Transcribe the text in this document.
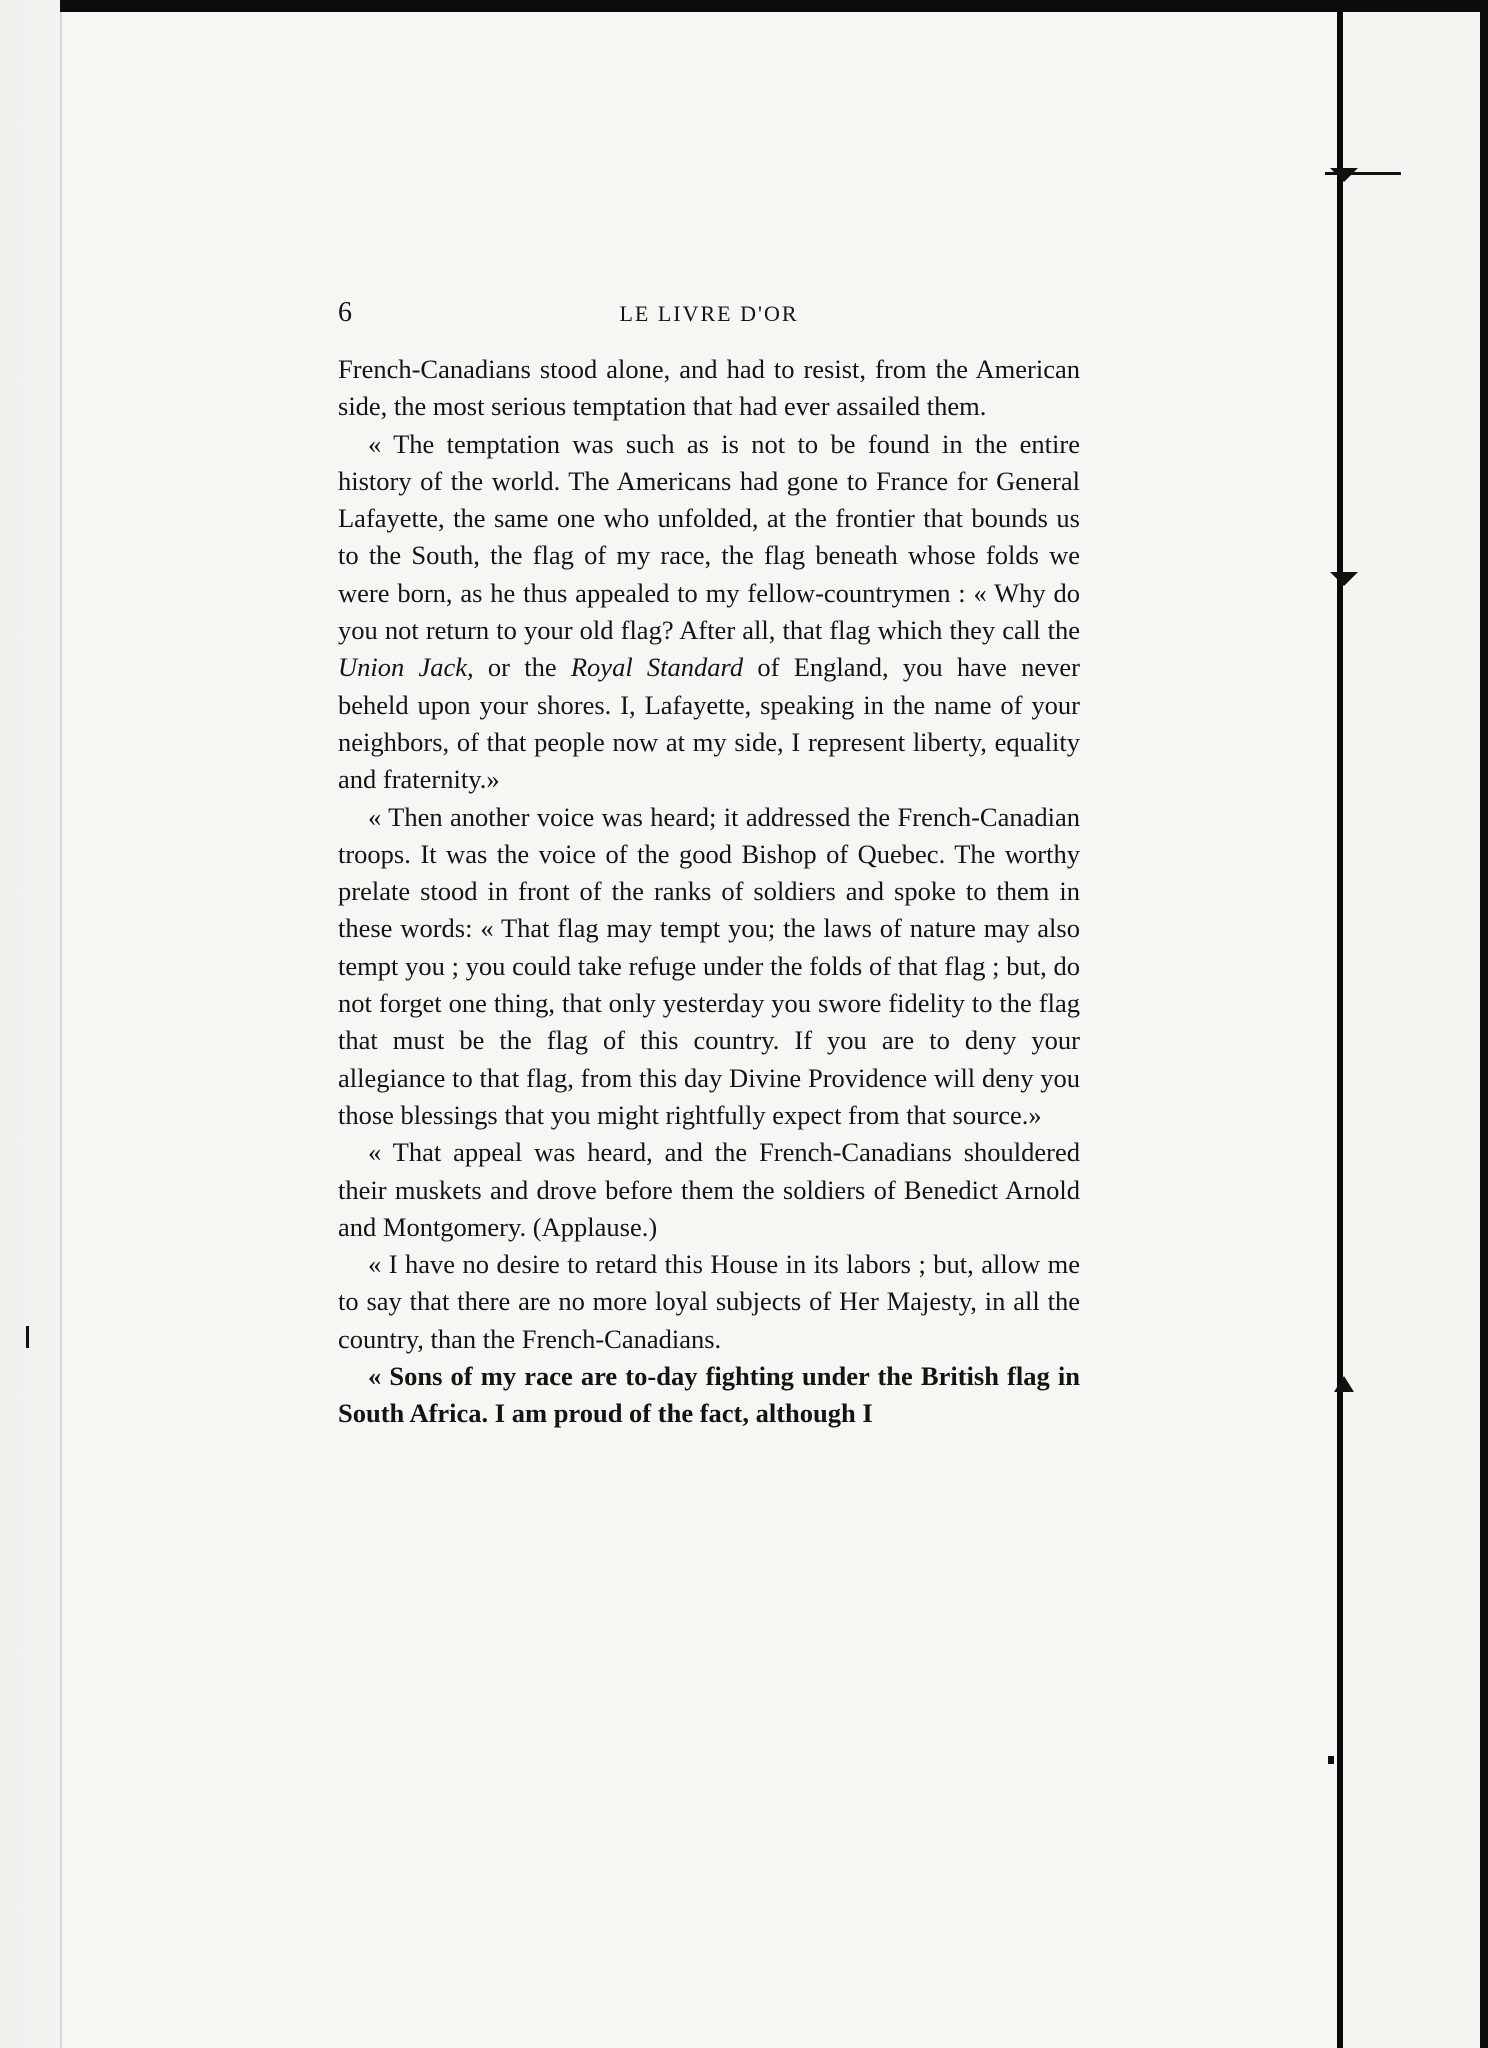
6	LE LIVRE D'OR

French-Canadians stood alone, and had to resist, from the American side, the most serious temptation that had ever assailed them.

« The temptation was such as is not to be found in the entire history of the world. The Americans had gone to France for General Lafayette, the same one who unfolded, at the frontier that bounds us to the South, the flag of my race, the flag beneath whose folds we were born, as he thus appealed to my fellow-countrymen : « Why do you not return to your old flag? After all, that flag which they call the Union Jack, or the Royal Standard of England, you have never beheld upon your shores. I, Lafayette, speaking in the name of your neighbors, of that people now at my side, I represent liberty, equality and fraternity.»

« Then another voice was heard; it addressed the French-Canadian troops. It was the voice of the good Bishop of Quebec. The worthy prelate stood in front of the ranks of soldiers and spoke to them in these words: « That flag may tempt you; the laws of nature may also tempt you ; you could take refuge under the folds of that flag ; but, do not forget one thing, that only yesterday you swore fidelity to the flag that must be the flag of this country. If you are to deny your allegiance to that flag, from this day Divine Providence will deny you those blessings that you might rightfully expect from that source.»

« That appeal was heard, and the French-Canadians shouldered their muskets and drove before them the soldiers of Benedict Arnold and Montgomery. (Applause.)

« I have no desire to retard this House in its labors ; but, allow me to say that there are no more loyal subjects of Her Majesty, in all the country, than the French-Canadians.

« Sons of my race are to-day fighting under the British flag in South Africa. I am proud of the fact, although I
